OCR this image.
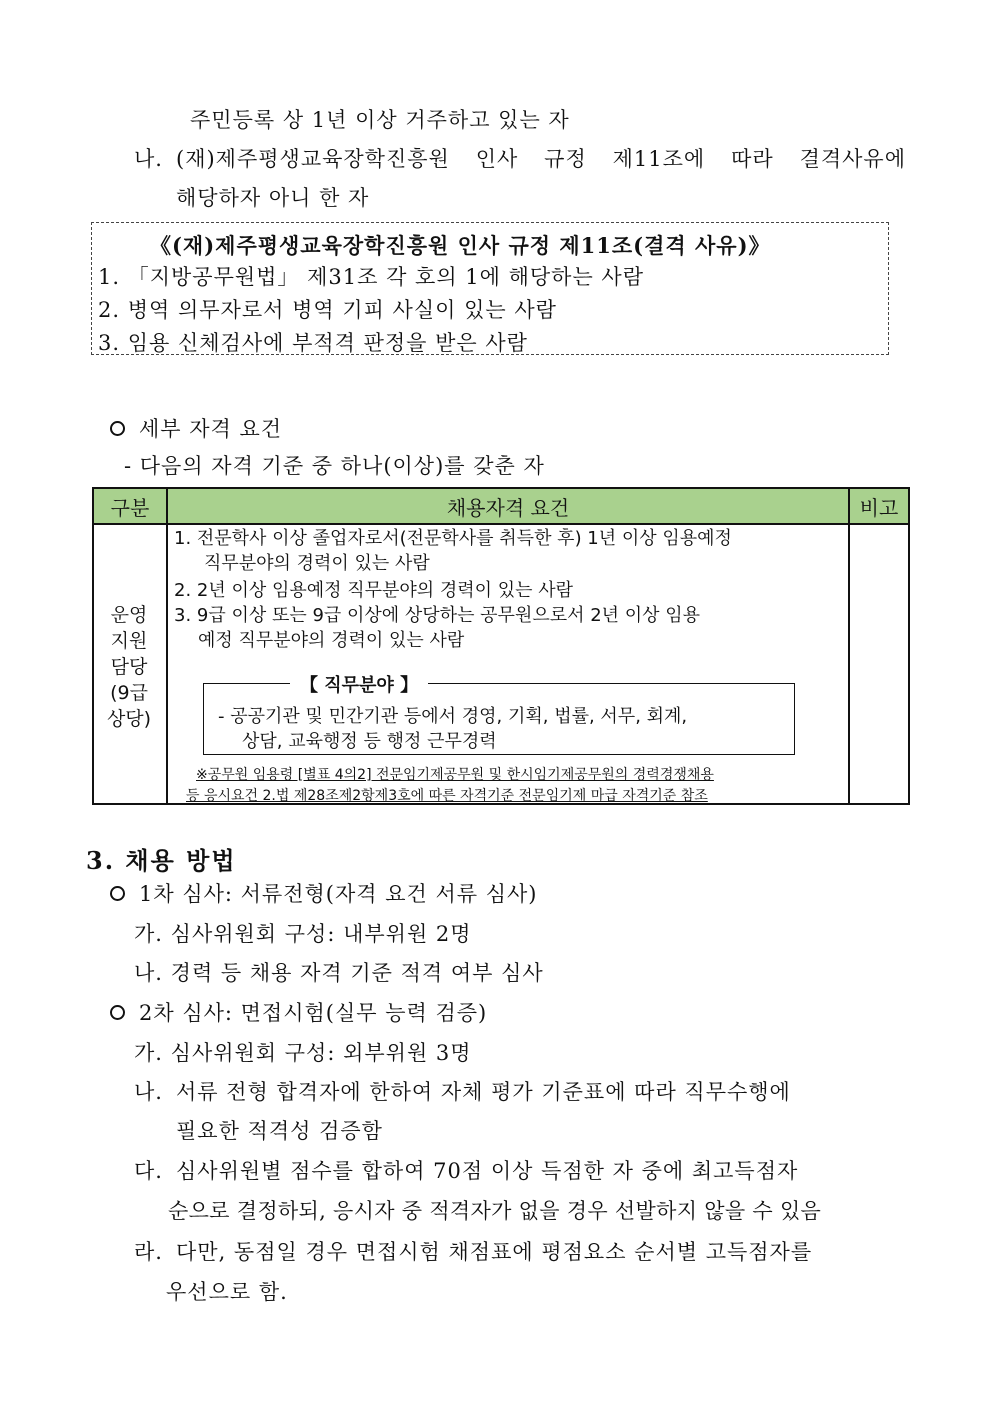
주민등록 상 1년 이상 거주하고 있는 자
나. (재)제주평생교육장학진흥원 인사 규정 제11조에 따라 결격사유에
해당하자 아니 한 자
《(재)제주평생교육장학진흥원 인사 규정 제11조(결격 사유)》
1. 「지방공무원법」 제31조 각 호의 1에 해당하는 사람
2. 병역 의무자로서 병역 기피 사실이 있는 사람
3. 임용 신체검사에 부적격 판정을 받은 사람
세부 자격 요건
- 다음의 자격 기준 중 하나(이상)를 갖춘 자
구분	채용자격 요건	비고
운영
지원
담당
(9급
상당)
1. 전문학사 이상 졸업자로서(전문학사를 취득한 후) 1년 이상 임용예정
직무분야의 경력이 있는 사람
2. 2년 이상 임용예정 직무분야의 경력이 있는 사람
3. 9급 이상 또는 9급 이상에 상당하는 공무원으로서 2년 이상 임용
예정 직무분야의 경력이 있는 사람
【 직무분야 】
- 공공기관 및 민간기관 등에서 경영, 기획, 법률, 서무, 회계,
상담, 교육행정 등 행정 근무경력
※공무원 임용령 [별표 4의2] 전문임기제공무원 및 한시임기제공무원의 경력경쟁채용
등 응시요건 2.법 제28조제2항제3호에 따른 자격기준 전문임기제 마급 자격기준 참조
3. 채용 방법
1차 심사: 서류전형(자격 요건 서류 심사)
가. 심사위원회 구성: 내부위원 2명
나. 경력 등 채용 자격 기준 적격 여부 심사
2차 심사: 면접시험(실무 능력 검증)
가. 심사위원회 구성: 외부위원 3명
나. 서류 전형 합격자에 한하여 자체 평가 기준표에 따라 직무수행에
필요한 적격성 검증함
다. 심사위원별 점수를 합하여 70점 이상 득점한 자 중에 최고득점자
순으로 결정하되, 응시자 중 적격자가 없을 경우 선발하지 않을 수 있음
라. 다만, 동점일 경우 면접시험 채점표에 평점요소 순서별 고득점자를
우선으로 함.
